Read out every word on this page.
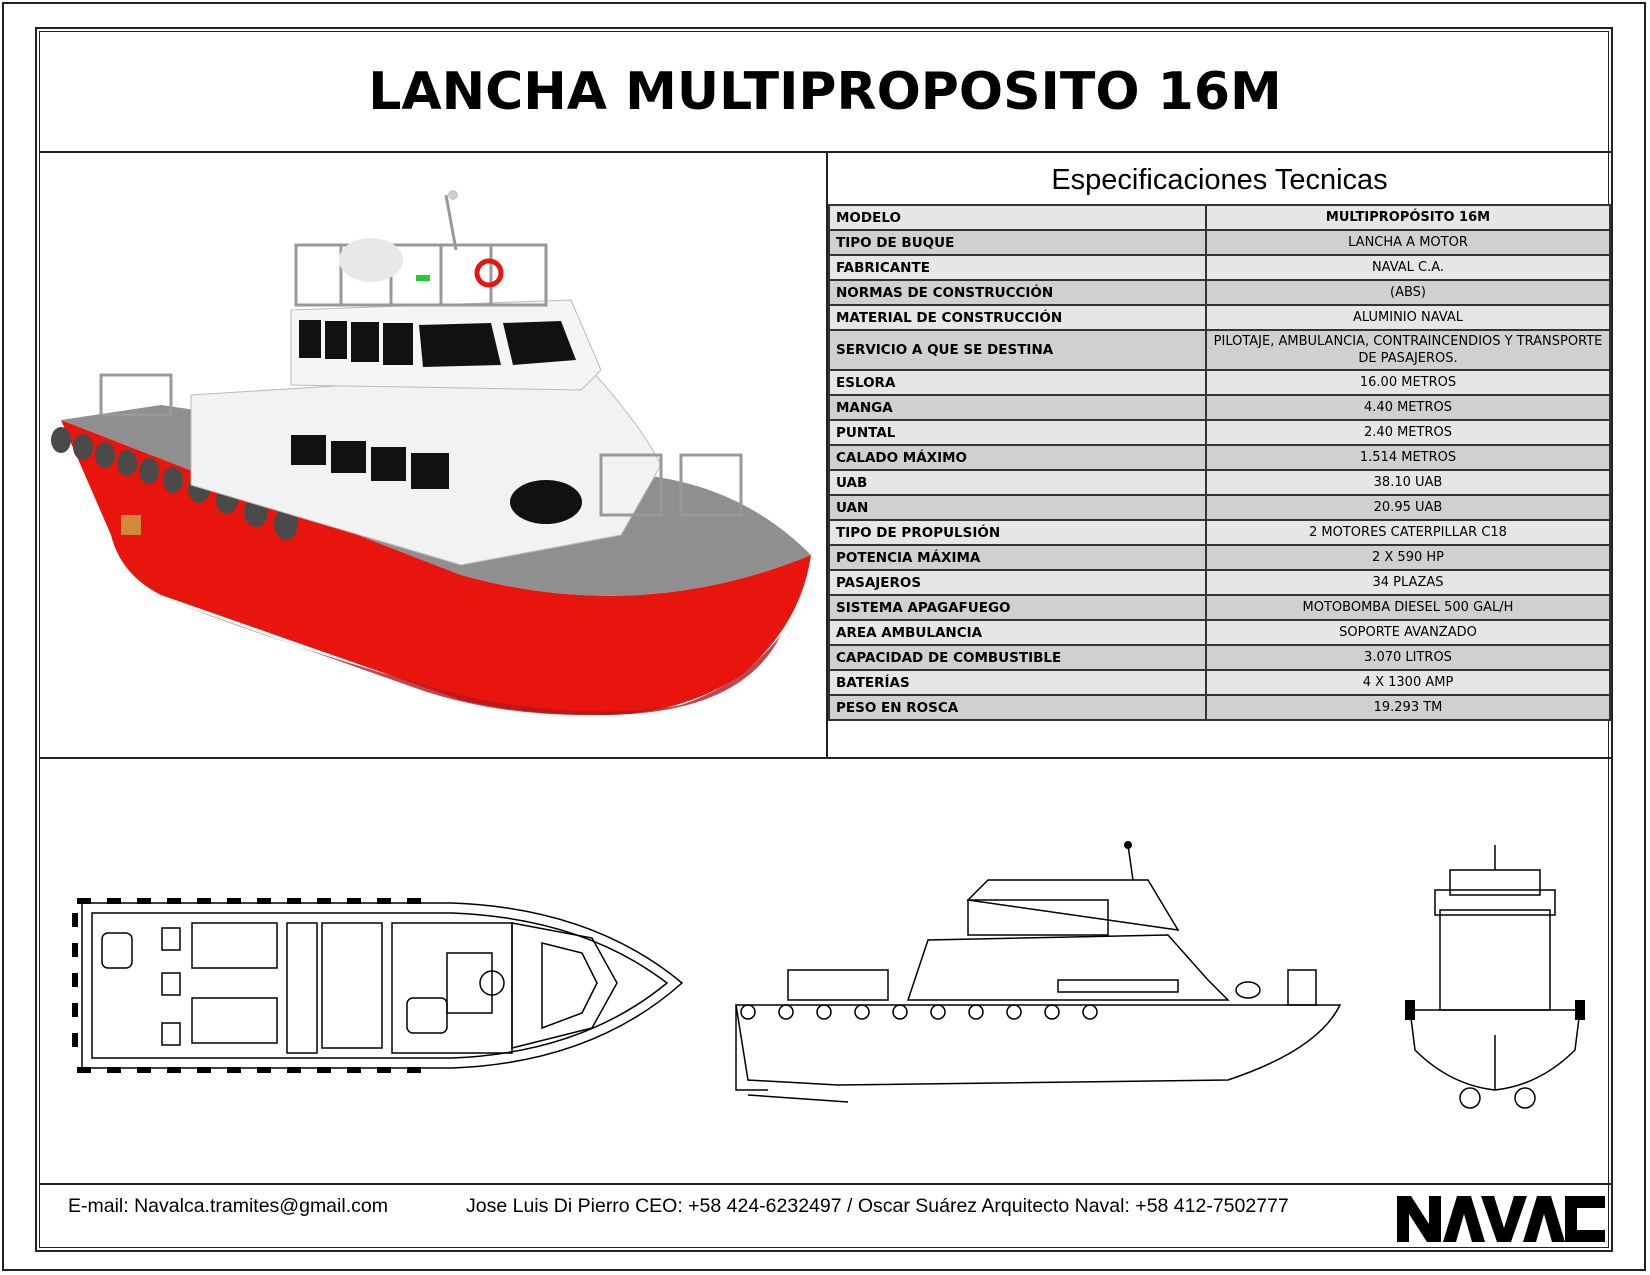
LANCHA MULTIPROPOSITO 16M
Especificaciones Tecnicas
MODELO	MULTIPROPÓSITO 16M
TIPO DE BUQUE	LANCHA A MOTOR
FABRICANTE	NAVAL C.A.
NORMAS DE CONSTRUCCIÓN	(ABS)
MATERIAL DE CONSTRUCCIÓN	ALUMINIO NAVAL
SERVICIO A QUE SE DESTINA	PILOTAJE, AMBULANCIA, CONTRAINCENDIOS Y TRANSPORTE DE PASAJEROS.
ESLORA	16.00 METROS
MANGA	4.40 METROS
PUNTAL	2.40 METROS
CALADO MÁXIMO	1.514 METROS
UAB	38.10 UAB
UAN	20.95 UAB
TIPO DE PROPULSIÓN	2 MOTORES CATERPILLAR C18
POTENCIA MÁXIMA	2 X 590 HP
PASAJEROS	34 PLAZAS
SISTEMA APAGAFUEGO	MOTOBOMBA DIESEL 500 GAL/H
AREA AMBULANCIA	SOPORTE AVANZADO
CAPACIDAD DE COMBUSTIBLE	3.070 LITROS
BATERÍAS	4 X 1300 AMP
PESO EN ROSCA	19.293 TM
E-mail: Navalca.tramites@gmail.com	Jose Luis Di Pierro CEO: +58 424-6232497 / Oscar Suárez Arquitecto Naval: +58 412-7502777
